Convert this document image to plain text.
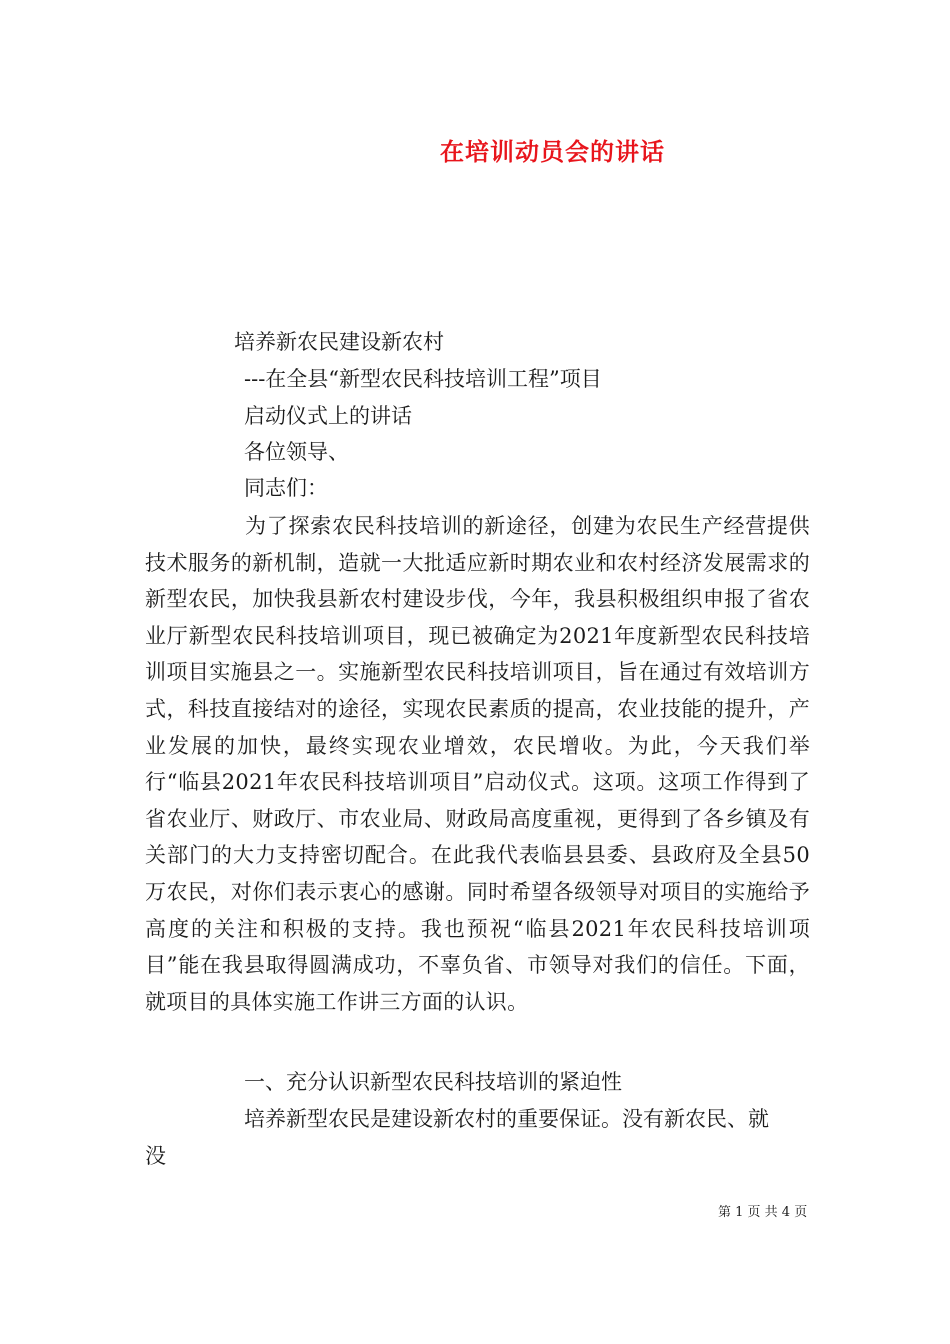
在培训动员会的讲话

培养新农民建设新农村

---在全县“新型农民科技培训工程”项目

启动仪式上的讲话

各位领导、

同志们：

为了探索农民科技培训的新途径，创建为农民生产经营提供技术服务的新机制，造就一大批适应新时期农业和农村经济发展需求的新型农民，加快我县新农村建设步伐，今年，我县积极组织申报了省农业厅新型农民科技培训项目，现已被确定为2021年度新型农民科技培训项目实施县之一。实施新型农民科技培训项目，旨在通过有效培训方式，科技直接结对的途径，实现农民素质的提高，农业技能的提升，产业发展的加快，最终实现农业增效，农民增收。为此，今天我们举行“临县2021年农民科技培训项目”启动仪式。这项。这项工作得到了省农业厅、财政厅、市农业局、财政局高度重视，更得到了各乡镇及有关部门的大力支持密切配合。在此我代表临县县委、县政府及全县50万农民，对你们表示衷心的感谢。同时希望各级领导对项目的实施给予高度的关注和积极的支持。我也预祝“临县2021年农民科技培训项目”能在我县取得圆满成功，不辜负省、市领导对我们的信任。下面，就项目的具体实施工作讲三方面的认识。

一、充分认识新型农民科技培训的紧迫性

培养新型农民是建设新农村的重要保证。没有新农民、就

没

第 1 页 共 4 页
